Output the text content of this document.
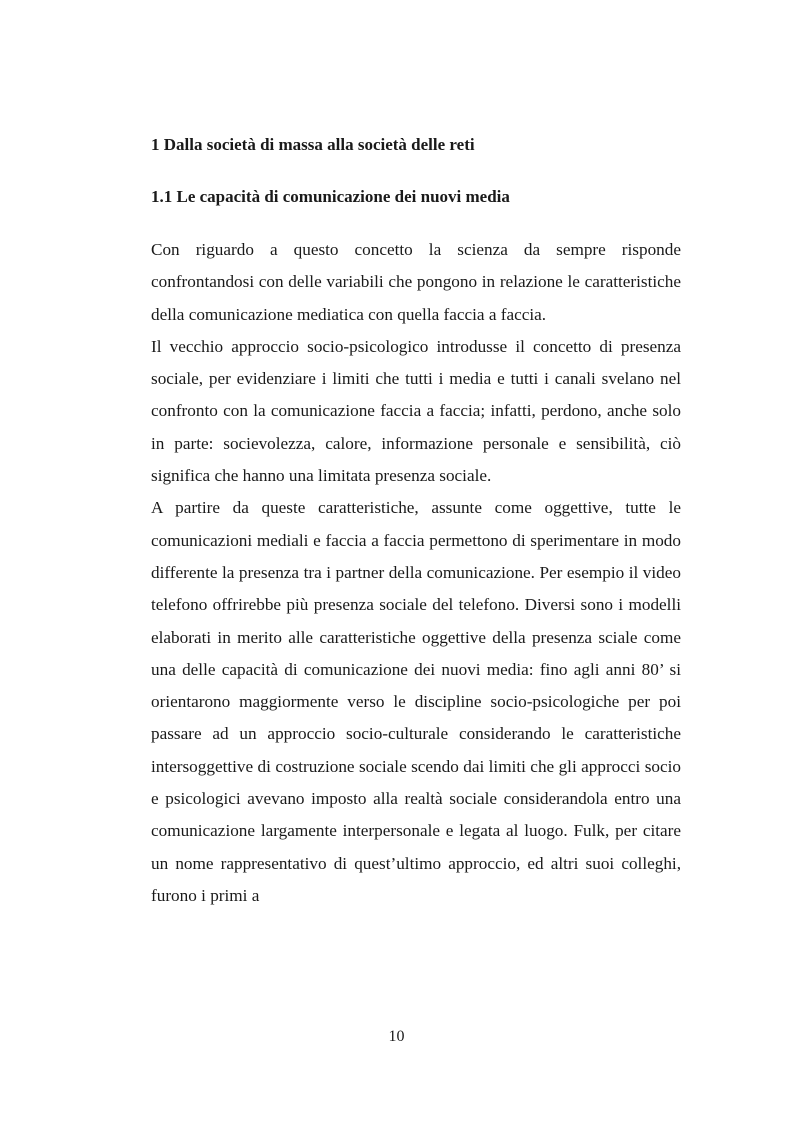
1 Dalla società di massa alla società delle reti
1.1 Le capacità di comunicazione dei nuovi media

Con riguardo a questo concetto la scienza da sempre risponde confrontandosi con delle variabili che pongono in relazione le caratteristiche della comunicazione mediatica con quella faccia a faccia.

Il vecchio approccio socio-psicologico introdusse il concetto di presenza sociale, per evidenziare i limiti che tutti i media e tutti i canali svelano nel confronto con la comunicazione faccia a faccia; infatti, perdono, anche solo in parte: socievolezza, calore, informazione personale e sensibilità, ciò significa che hanno una limitata presenza sociale.

A partire da queste caratteristiche, assunte come oggettive, tutte le comunicazioni mediali e faccia a faccia permettono di sperimentare in modo differente la presenza tra i partner della comunicazione. Per esempio il video telefono offrirebbe più presenza sociale del telefono. Diversi sono i modelli elaborati in merito alle caratteristiche oggettive della presenza sciale come una delle capacità di comunicazione dei nuovi media: fino agli anni 80’ si orientarono maggiormente verso le discipline socio-psicologiche per poi passare ad un approccio socio-culturale considerando le caratteristiche intersoggettive di costruzione sociale scendo dai limiti che gli approcci socio e psicologici avevano imposto alla realtà sociale considerandola entro una comunicazione largamente interpersonale e legata al luogo. Fulk, per citare un nome rappresentativo di quest’ultimo approccio, ed altri suoi colleghi, furono i primi a

10
